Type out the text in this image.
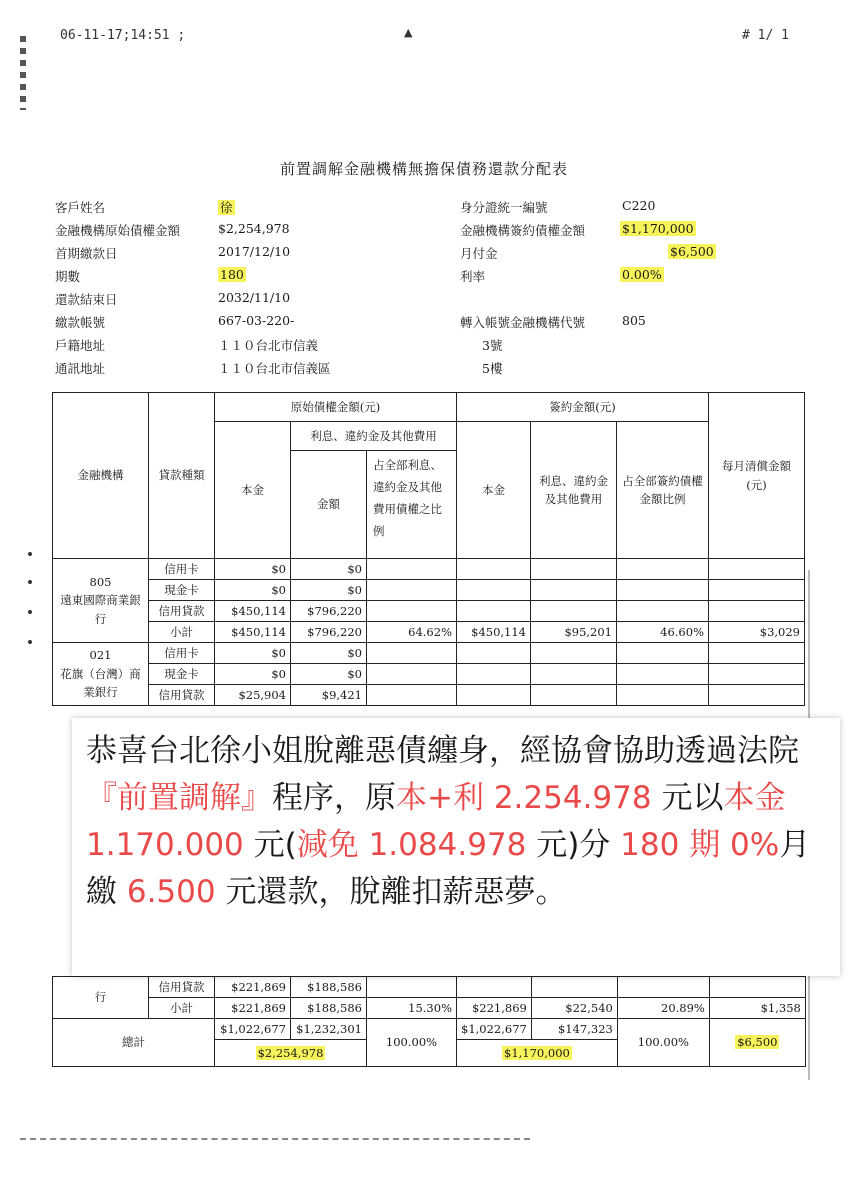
06-11-17;14:51 ;	▲	# 1/ 1
前置調解金融機構無擔保債務還款分配表
客戶姓名	徐
金融機構原始債權金額	$2,254,978
首期繳款日	2017/12/10
期數	180
還款結束日	2032/11/10
繳款帳號	667-03-220-
戶籍地址	１１０台北市信義	3號
通訊地址	１１０台北市信義區	5樓
身分證統一編號	C220
金融機構簽約債權金額	$1,170,000
月付金	$6,500
利率	0.00%
轉入帳號金融機構代號	805
金融機構	貸款種類	原始債權金額(元)			簽約金額(元)			每月清償金額(元)
		本金	利息、違約金及其他費用		本金	利息、違約金及其他費用	占全部簽約債權金額比例	
			金額	占全部利息、違約金及其他費用債權之比例				
805
遠東國際商業銀行	信用卡	$0	$0					
	現金卡	$0	$0					
	信用貸款	$450,114	$796,220					
	小計	$450,114	$796,220	64.62%	$450,114	$95,201	46.60%	$3,029
021
花旗（台灣）商業銀行	信用卡	$0	$0					
	現金卡	$0	$0					
	信用貸款	$25,904	$9,421					
行	信用貸款	$221,869	$188,586					
	小計	$221,869	$188,586	15.30%	$221,869	$22,540	20.89%	$1,358
總計		$1,022,677	$1,232,301	100.00%	$1,022,677	$147,323	100.00%	$6,500
		$2,254,978			$1,170,000			
恭喜台北徐小姐脫離惡債纏身，經協會協助透過法院『前置調解』程序，原本+利 2.254.978 元以本金 1.170.000 元(減免 1.084.978 元)分 180 期 0%月繳 6.500 元還款，脫離扣薪惡夢。
